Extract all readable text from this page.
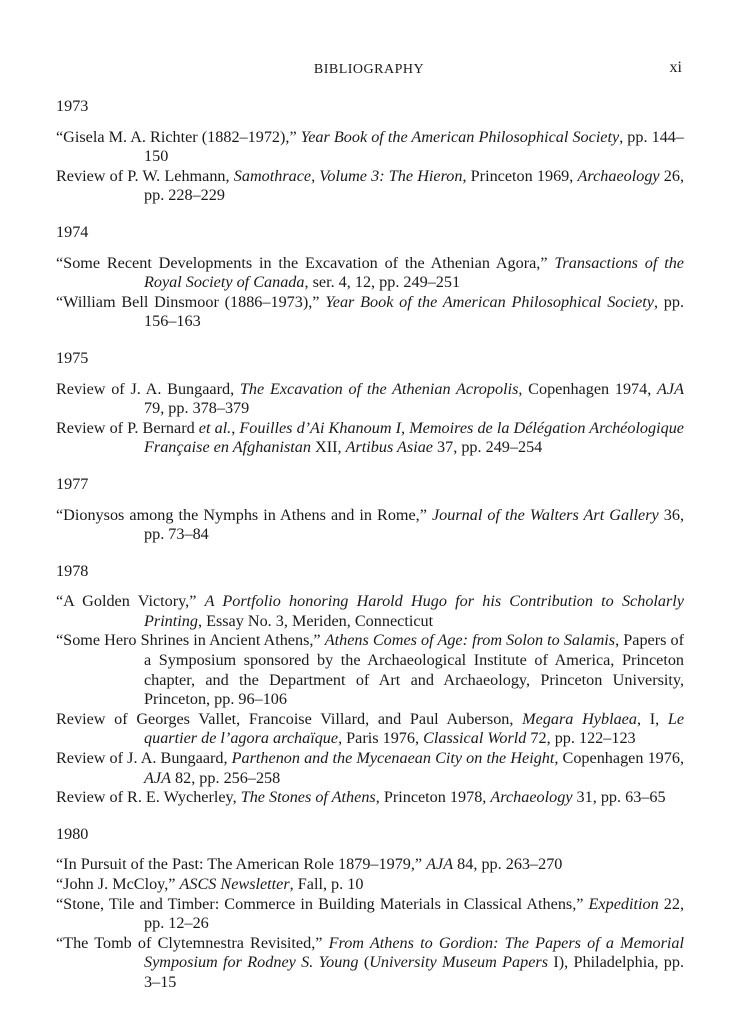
BIBLIOGRAPHY	xi
1973
“Gisela M. A. Richter (1882–1972),” Year Book of the American Philosophical Society, pp. 144–150
Review of P. W. Lehmann, Samothrace, Volume 3: The Hieron, Princeton 1969, Archaeology 26, pp. 228–229
1974
“Some Recent Developments in the Excavation of the Athenian Agora,” Transactions of the Royal Society of Canada, ser. 4, 12, pp. 249–251
“William Bell Dinsmoor (1886–1973),” Year Book of the American Philosophical Society, pp. 156–163
1975
Review of J. A. Bungaard, The Excavation of the Athenian Acropolis, Copenhagen 1974, AJA 79, pp. 378–379
Review of P. Bernard et al., Fouilles d’Ai Khanoum I, Memoires de la Délégation Archéologique Française en Afghanistan XII, Artibus Asiae 37, pp. 249–254
1977
“Dionysos among the Nymphs in Athens and in Rome,” Journal of the Walters Art Gallery 36, pp. 73–84
1978
“A Golden Victory,” A Portfolio honoring Harold Hugo for his Contribution to Scholarly Printing, Essay No. 3, Meriden, Connecticut
“Some Hero Shrines in Ancient Athens,” Athens Comes of Age: from Solon to Salamis, Papers of a Symposium sponsored by the Archaeological Institute of America, Princeton chapter, and the Department of Art and Archaeology, Princeton University, Princeton, pp. 96–106
Review of Georges Vallet, Francoise Villard, and Paul Auberson, Megara Hyblaea, I, Le quartier de l’agora archaïque, Paris 1976, Classical World 72, pp. 122–123
Review of J. A. Bungaard, Parthenon and the Mycenaean City on the Height, Copenhagen 1976, AJA 82, pp. 256–258
Review of R. E. Wycherley, The Stones of Athens, Princeton 1978, Archaeology 31, pp. 63–65
1980
“In Pursuit of the Past: The American Role 1879–1979,” AJA 84, pp. 263–270
“John J. McCloy,” ASCS Newsletter, Fall, p. 10
“Stone, Tile and Timber: Commerce in Building Materials in Classical Athens,” Expedition 22, pp. 12–26
“The Tomb of Clytemnestra Revisited,” From Athens to Gordion: The Papers of a Memorial Symposium for Rodney S. Young (University Museum Papers I), Philadelphia, pp. 3–15
